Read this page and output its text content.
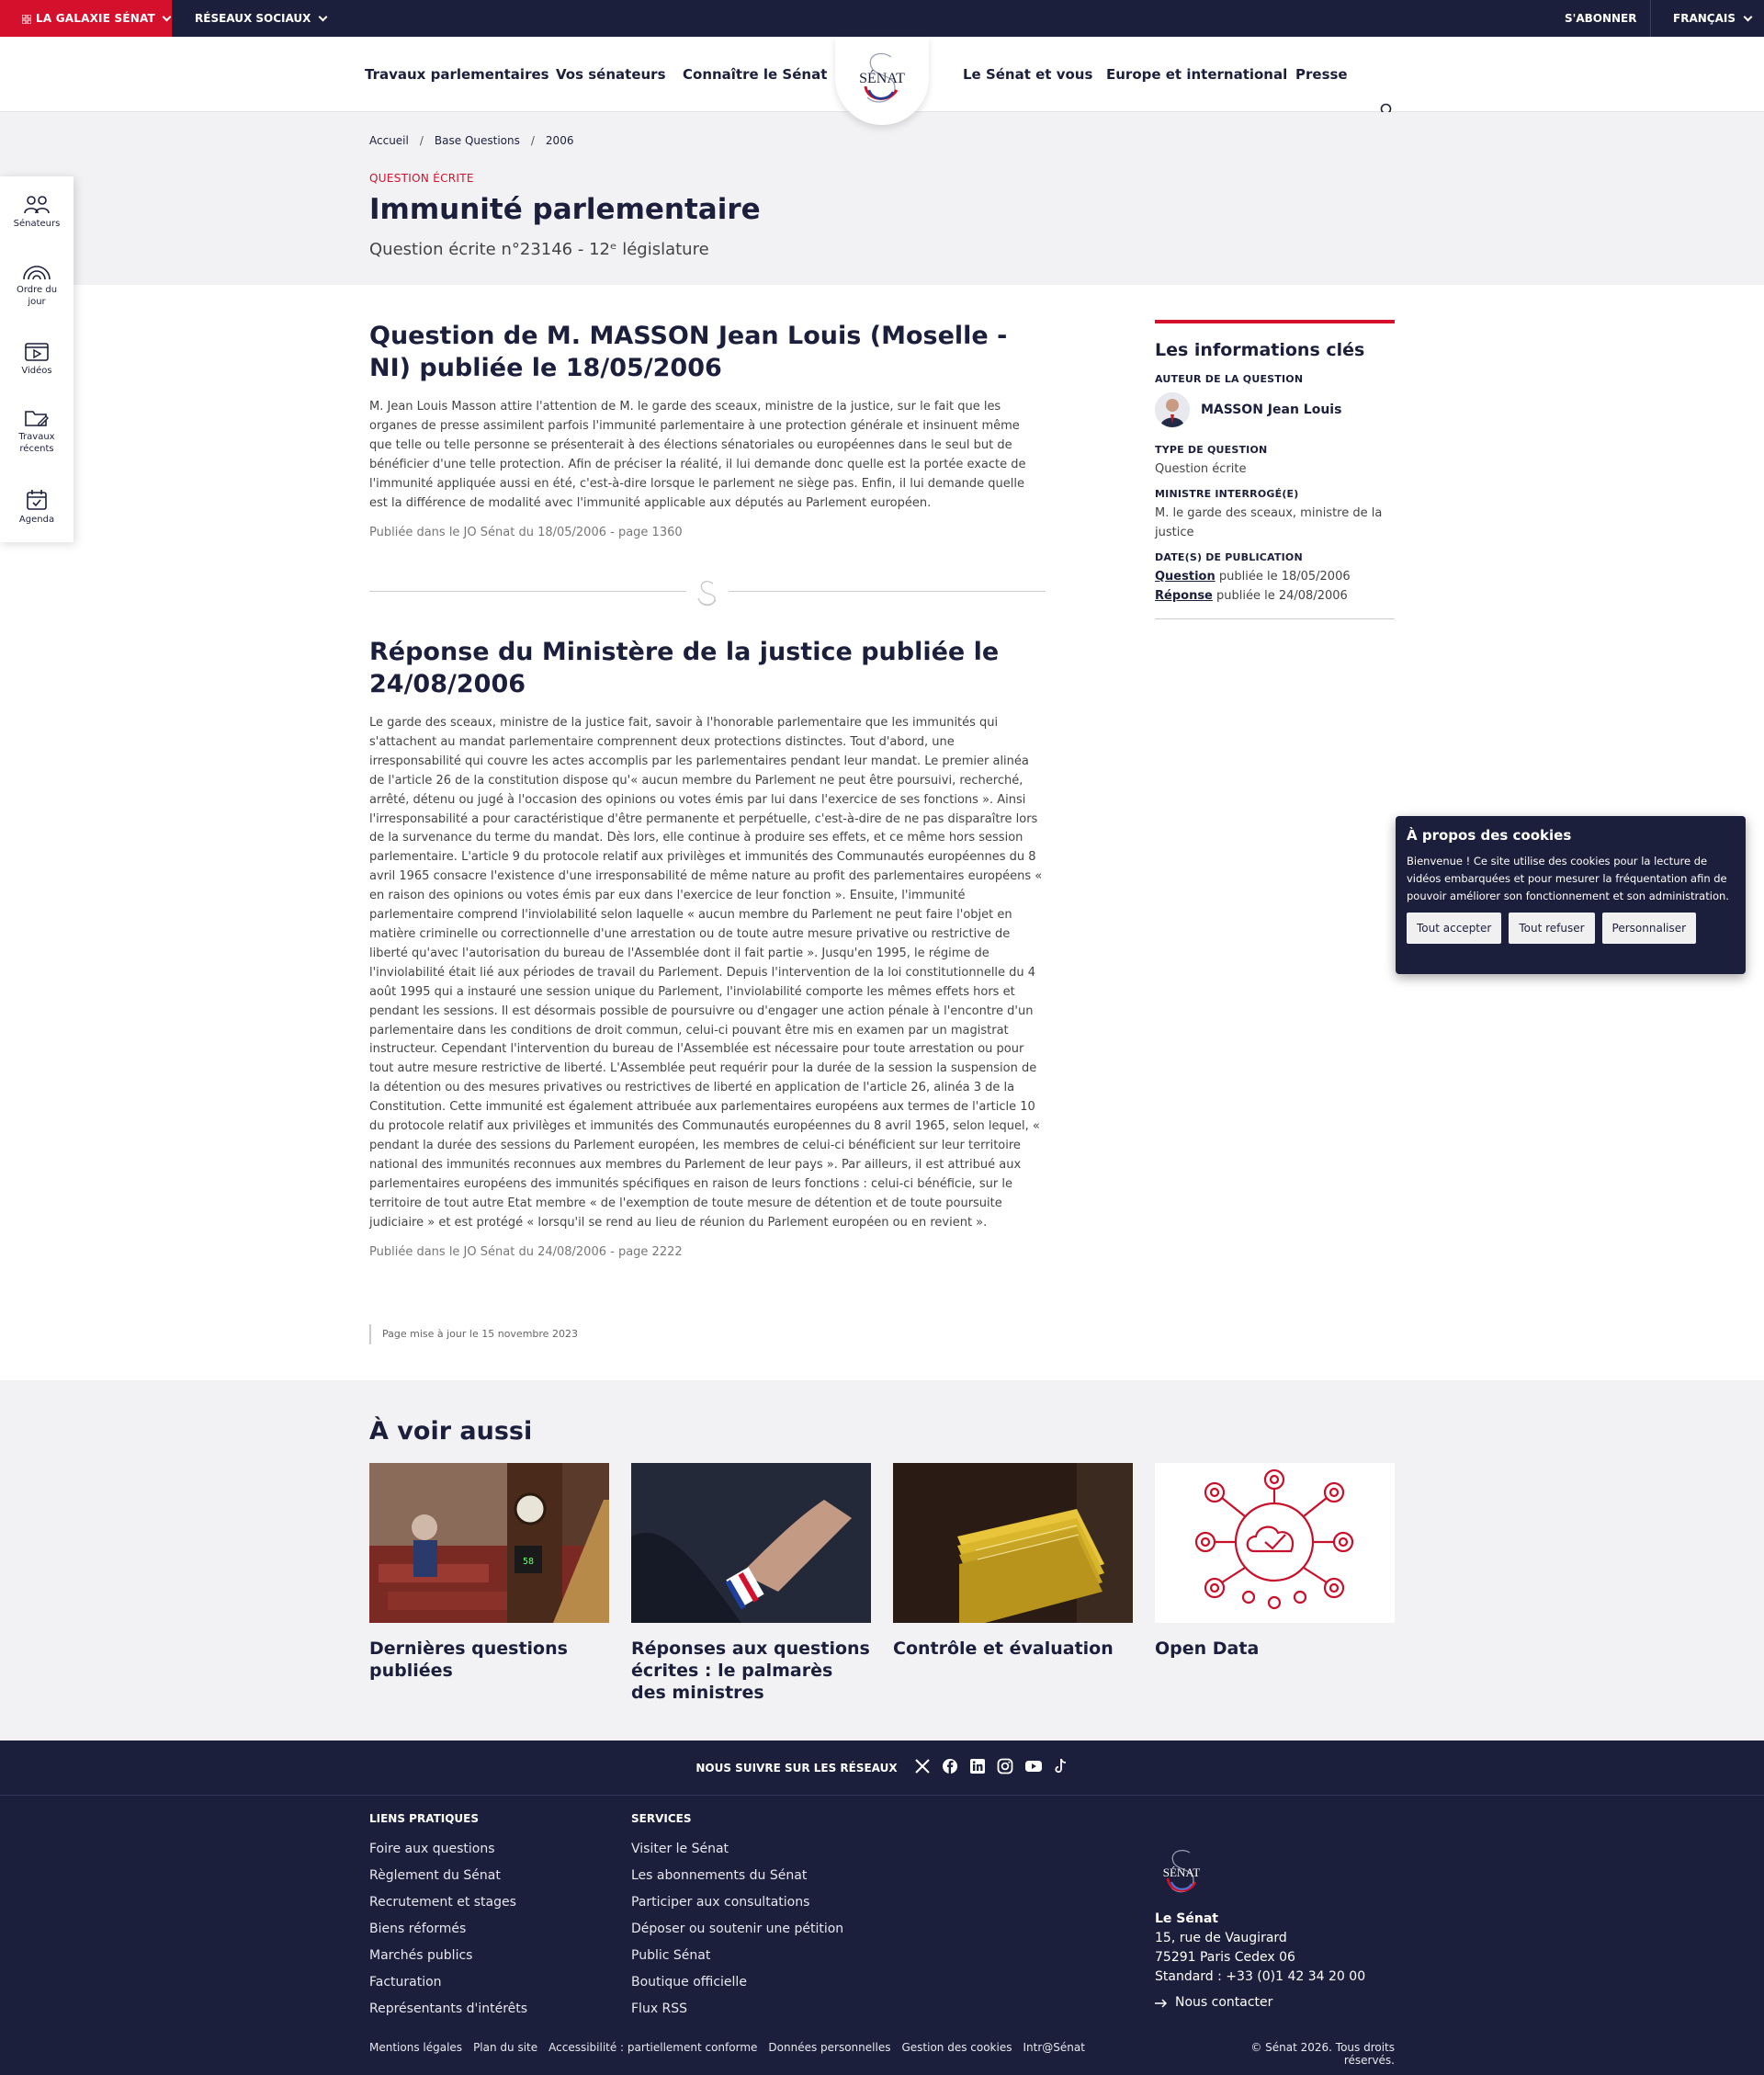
LA GALAXIE SÉNAT	RÉSEAUX SOCIAUX	S'ABONNER	FRANÇAIS
Travaux parlementaires Vos sénateurs Connaître le Sénat	Le Sénat et vous Europe et international Presse
SÉNAT
Sénateurs
Ordre du jour
Vidéos
Travaux récents
Agenda
Accueil / Base Questions / 2006
QUESTION ÉCRITE
Immunité parlementaire
Question écrite n°23146 - 12ᵉ législature
Question de M. MASSON Jean Louis (Moselle - NI) publiée le 18/05/2006

M. Jean Louis Masson attire l'attention de M. le garde des sceaux, ministre de la justice, sur le fait que les organes de presse assimilent parfois l'immunité parlementaire à une protection générale et insinuent même que telle ou telle personne se présenterait à des élections sénatoriales ou européennes dans le seul but de bénéficier d'une telle protection. Afin de préciser la réalité, il lui demande donc quelle est la portée exacte de l'immunité appliquée aussi en été, c'est-à-dire lorsque le parlement ne siège pas. Enfin, il lui demande quelle est la différence de modalité avec l'immunité applicable aux députés au Parlement européen.

Publiée dans le JO Sénat du 18/05/2006 - page 1360

Réponse du Ministère de la justice publiée le 24/08/2006

Le garde des sceaux, ministre de la justice fait, savoir à l'honorable parlementaire que les immunités qui s'attachent au mandat parlementaire comprennent deux protections distinctes. Tout d'abord, une irresponsabilité qui couvre les actes accomplis par les parlementaires pendant leur mandat. Le premier alinéa de l'article 26 de la constitution dispose qu'« aucun membre du Parlement ne peut être poursuivi, recherché, arrêté, détenu ou jugé à l'occasion des opinions ou votes émis par lui dans l'exercice de ses fonctions ». Ainsi l'irresponsabilité a pour caractéristique d'être permanente et perpétuelle, c'est-à-dire de ne pas disparaître lors de la survenance du terme du mandat. Dès lors, elle continue à produire ses effets, et ce même hors session parlementaire. L'article 9 du protocole relatif aux privilèges et immunités des Communautés européennes du 8 avril 1965 consacre l'existence d'une irresponsabilité de même nature au profit des parlementaires européens « en raison des opinions ou votes émis par eux dans l'exercice de leur fonction ». Ensuite, l'immunité parlementaire comprend l'inviolabilité selon laquelle « aucun membre du Parlement ne peut faire l'objet en matière criminelle ou correctionnelle d'une arrestation ou de toute autre mesure privative ou restrictive de liberté qu'avec l'autorisation du bureau de l'Assemblée dont il fait partie ». Jusqu'en 1995, le régime de l'inviolabilité était lié aux périodes de travail du Parlement. Depuis l'intervention de la loi constitutionnelle du 4 août 1995 qui a instauré une session unique du Parlement, l'inviolabilité comporte les mêmes effets hors et pendant les sessions. Il est désormais possible de poursuivre ou d'engager une action pénale à l'encontre d'un parlementaire dans les conditions de droit commun, celui-ci pouvant être mis en examen par un magistrat instructeur. Cependant l'intervention du bureau de l'Assemblée est nécessaire pour toute arrestation ou pour tout autre mesure restrictive de liberté. L'Assemblée peut requérir pour la durée de la session la suspension de la détention ou des mesures privatives ou restrictives de liberté en application de l'article 26, alinéa 3 de la Constitution. Cette immunité est également attribuée aux parlementaires européens aux termes de l'article 10 du protocole relatif aux privilèges et immunités des Communautés européennes du 8 avril 1965, selon lequel, « pendant la durée des sessions du Parlement européen, les membres de celui-ci bénéficient sur leur territoire national des immunités reconnues aux membres du Parlement de leur pays ». Par ailleurs, il est attribué aux parlementaires européens des immunités spécifiques en raison de leurs fonctions : celui-ci bénéficie, sur le territoire de tout autre Etat membre « de l'exemption de toute mesure de détention et de toute poursuite judiciaire » et est protégé « lorsqu'il se rend au lieu de réunion du Parlement européen ou en revient ».

Publiée dans le JO Sénat du 24/08/2006 - page 2222

Page mise à jour le 15 novembre 2023
Les informations clés
AUTEUR DE LA QUESTION
MASSON Jean Louis
TYPE DE QUESTION
Question écrite
MINISTRE INTERROGÉ(E)
M. le garde des sceaux, ministre de la justice
DATE(S) DE PUBLICATION
Question publiée le 18/05/2006
Réponse publiée le 24/08/2006
À propos des cookies

Bienvenue ! Ce site utilise des cookies pour la lecture de vidéos embarquées et pour mesurer la fréquentation afin de pouvoir améliorer son fonctionnement et son administration.

Tout accepter	Tout refuser	Personnaliser
À voir aussi
58
Dernières questions publiées
Réponses aux questions écrites : le palmarès des ministres
Contrôle et évaluation	Open Data
NOUS SUIVRE SUR LES RÉSEAUX
LIENS PRATIQUES
Foire aux questions
Règlement du Sénat
Recrutement et stages
Biens réformés
Marchés publics
Facturation
Représentants d'intérêts
SERVICES
Visiter le Sénat
Les abonnements du Sénat
Participer aux consultations
Déposer ou soutenir une pétition
Public Sénat
Boutique officielle
Flux RSS
SÉNAT
Le Sénat
15, rue de Vaugirard
75291 Paris Cedex 06
Standard : +33 (0)1 42 34 20 00
Nous contacter
Mentions légales Plan du site Accessibilité : partiellement conforme Données personnelles Gestion des cookies Intr@Sénat	© Sénat 2026. Tous droits réservés.
